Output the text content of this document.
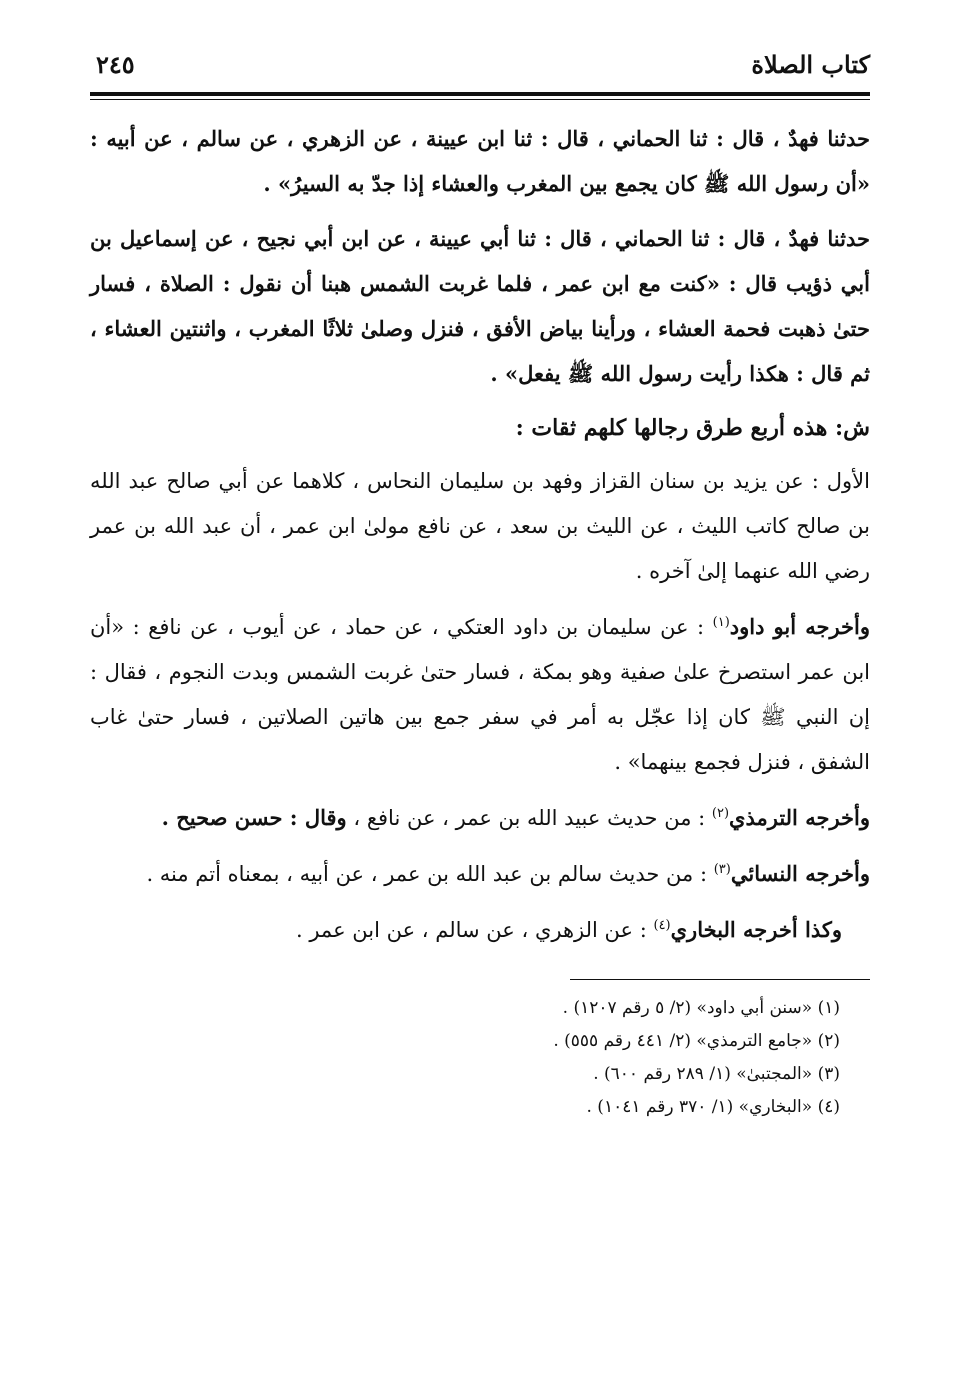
كتاب الصلاة
٢٤٥

حدثنا فهدٌ ، قال : ثنا الحماني ، قال : ثنا ابن عيينة ، عن الزهري ، عن سالم ، عن أبيه : «أن رسول الله ﷺ كان يجمع بين المغرب والعشاء إذا جدّ به السيرُ» .

حدثنا فهدٌ ، قال : ثنا الحماني ، قال : ثنا أبي عيينة ، عن ابن أبي نجيح ، عن إسماعيل بن أبي ذؤيب قال : «كنت مع ابن عمر ، فلما غربت الشمس هبنا أن نقول : الصلاة ، فسار حتىٰ ذهبت فحمة العشاء ، ورأينا بياض الأفق ، فنزل وصلىٰ ثلاثًا المغرب ، واثنتين العشاء ، ثم قال : هكذا رأيت رسول الله ﷺ يفعل» .

ش: هذه أربع طرق رجالها كلهم ثقات :

الأول : عن يزيد بن سنان القزاز وفهد بن سليمان النحاس ، كلاهما عن أبي صالح عبد الله بن صالح كاتب الليث ، عن الليث بن سعد ، عن نافع مولىٰ ابن عمر ، أن عبد الله بن عمر رضي الله عنهما إلىٰ آخره .

وأخرجه أبو داود$^{(١)}$ : عن سليمان بن داود العتكي ، عن حماد ، عن أيوب ، عن نافع : «أن ابن عمر استصرخ علىٰ صفية وهو بمكة ، فسار حتىٰ غربت الشمس وبدت النجوم ، فقال : إن النبي ﷺ كان إذا عجّل به أمر في سفر جمع بين هاتين الصلاتين ، فسار حتىٰ غاب الشفق ، فنزل فجمع بينهما» .

وأخرجه الترمذي$^{(٢)}$ : من حديث عبيد الله بن عمر ، عن نافع ، وقال : حسن صحيح .

وأخرجه النسائي$^{(٣)}$ : من حديث سالم بن عبد الله بن عمر ، عن أبيه ، بمعناه أتم منه .

وكذا أخرجه البخاري$^{(٤)}$ : عن الزهري ، عن سالم ، عن ابن عمر .

(١) «سنن أبي داود» (٢/ ٥ رقم ١٢٠٧) .
(٢) «جامع الترمذي» (٢/ ٤٤١ رقم ٥٥٥) .
(٣) «المجتبىٰ» (١/ ٢٨٩ رقم ٦٠٠) .
(٤) «البخاري» (١/ ٣٧٠ رقم ١٠٤١) .
